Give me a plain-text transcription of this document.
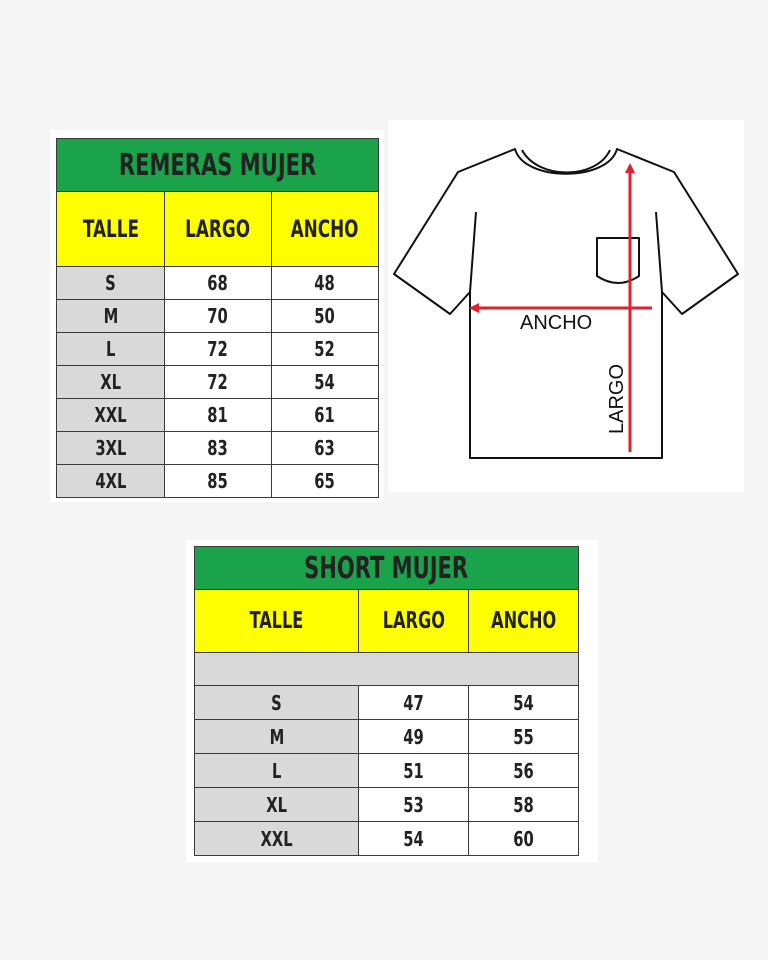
REMERAS MUJER		
TALLE	LARGO	ANCHO
S	68	48
M	70	50
L	72	52
XL	72	54
XXL	81	61
3XL	83	63
4XL	85	65
ANCHO
LARGO
SHORT MUJER		
TALLE	LARGO	ANCHO

S	47	54
M	49	55
L	51	56
XL	53	58
XXL	54	60
